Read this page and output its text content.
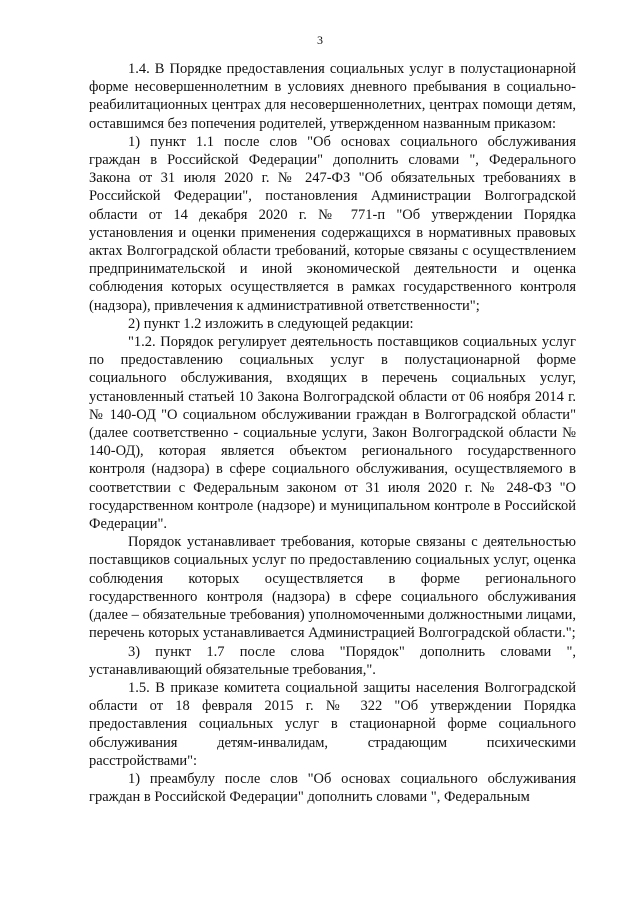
3

1.4. В Порядке предоставления социальных услуг в полустационарной форме несовершеннолетним в условиях дневного пребывания в социально-реабилитационных центрах для несовершеннолетних, центрах помощи детям, оставшимся без попечения родителей, утвержденном названным приказом:

1) пункт 1.1 после слов "Об основах социального обслуживания граждан в Российской Федерации" дополнить словами ", Федерального Закона от 31 июля 2020 г. № 247-ФЗ "Об обязательных требованиях в Российской Федерации", постановления Администрации Волгоградской области от 14 декабря 2020 г. № 771-п "Об утверждении Порядка установления и оценки применения содержащихся в нормативных правовых актах Волгоградской области требований, которые связаны с осуществлением предпринимательской и иной экономической деятельности и оценка соблюдения которых осуществляется в рамках государственного контроля (надзора), привлечения к административной ответственности";

2) пункт 1.2 изложить в следующей редакции:

"1.2. Порядок регулирует деятельность поставщиков социальных услуг по предоставлению социальных услуг в полустационарной форме социального обслуживания, входящих в перечень социальных услуг, установленный статьей 10 Закона Волгоградской области от 06 ноября 2014 г. № 140-ОД "О социальном обслуживании граждан в Волгоградской области" (далее соответственно - социальные услуги, Закон Волгоградской области № 140-ОД), которая является объектом регионального государственного контроля (надзора) в сфере социального обслуживания, осуществляемого в соответствии с Федеральным законом от 31 июля 2020 г. № 248-ФЗ "О государственном контроле (надзоре) и муниципальном контроле в Российской Федерации".

Порядок устанавливает требования, которые связаны с деятельностью поставщиков социальных услуг по предоставлению социальных услуг, оценка соблюдения которых осуществляется в форме регионального государственного контроля (надзора) в сфере социального обслуживания (далее – обязательные требования) уполномоченными должностными лицами, перечень которых устанавливается Администрацией Волгоградской области.";

3) пункт 1.7 после слова "Порядок" дополнить словами ", устанавливающий обязательные требования,".

1.5. В приказе комитета социальной защиты населения Волгоградской области от 18 февраля 2015 г. № 322 "Об утверждении Порядка предоставления социальных услуг в стационарной форме социального обслуживания детям-инвалидам, страдающим психическими расстройствами":

1) преамбулу после слов "Об основах социального обслуживания граждан в Российской Федерации" дополнить словами ", Федеральным
